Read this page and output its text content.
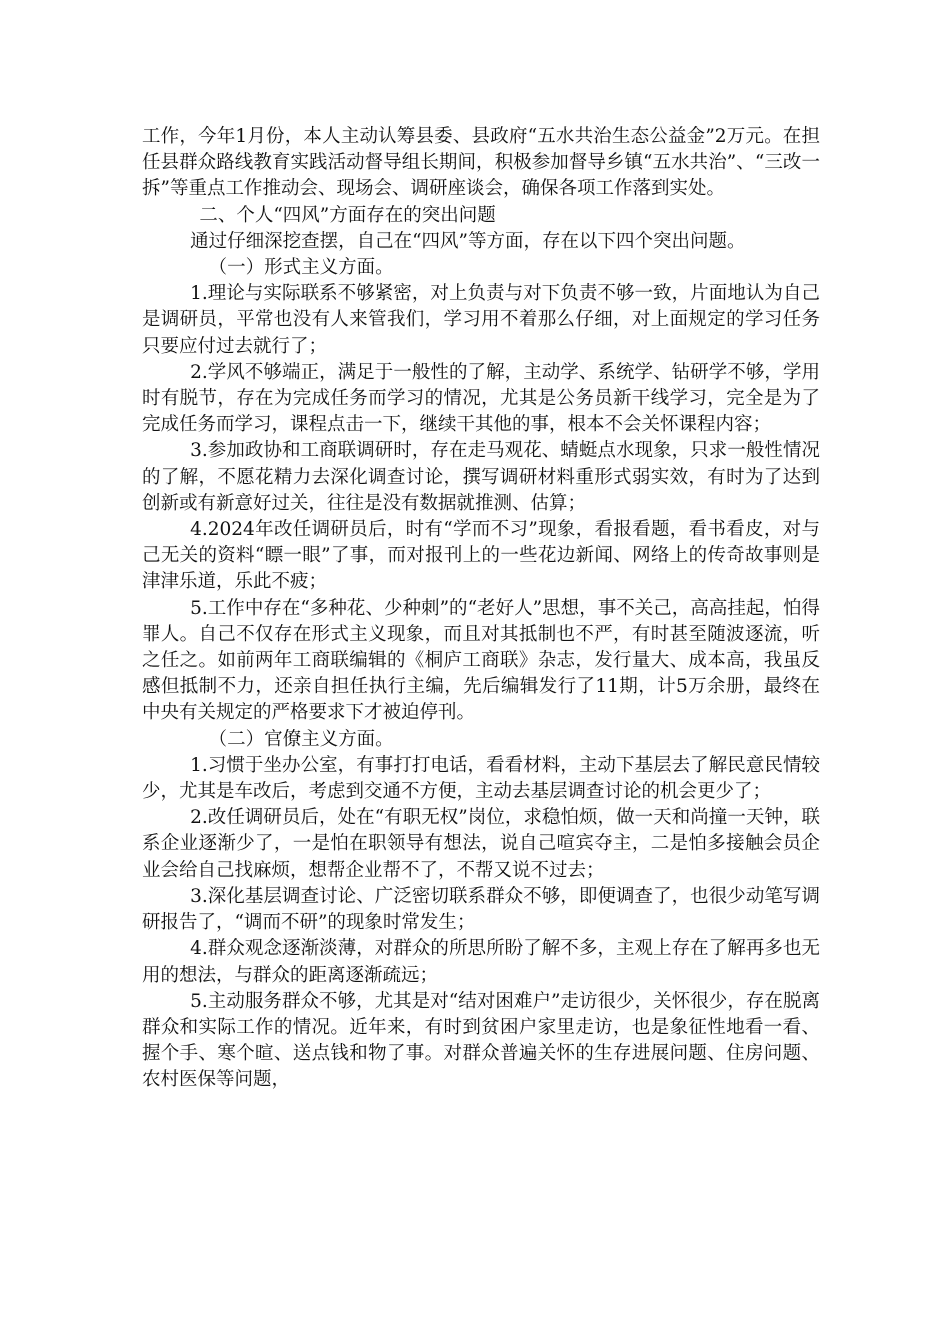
工作，今年1月份，本人主动认筹县委、县政府“五水共治生态公益金”2万元。在担任县群众路线教育实践活动督导组长期间，积极参加督导乡镇“五水共治”、“三改一拆”等重点工作推动会、现场会、调研座谈会，确保各项工作落到实处。

二、个人“四风”方面存在的突出问题

通过仔细深挖查摆，自己在“四风”等方面，存在以下四个突出问题。

（一）形式主义方面。

1.理论与实际联系不够紧密，对上负责与对下负责不够一致，片面地认为自己是调研员，平常也没有人来管我们，学习用不着那么仔细，对上面规定的学习任务只要应付过去就行了；

2.学风不够端正，满足于一般性的了解，主动学、系统学、钻研学不够，学用时有脱节，存在为完成任务而学习的情况，尤其是公务员新干线学习，完全是为了完成任务而学习，课程点击一下，继续干其他的事，根本不会关怀课程内容；

3.参加政协和工商联调研时，存在走马观花、蜻蜓点水现象，只求一般性情况的了解，不愿花精力去深化调查讨论，撰写调研材料重形式弱实效，有时为了达到创新或有新意好过关，往往是没有数据就推测、估算；

4.2024年改任调研员后，时有“学而不习”现象，看报看题，看书看皮，对与己无关的资料“瞟一眼”了事，而对报刊上的一些花边新闻、网络上的传奇故事则是津津乐道，乐此不疲；

5.工作中存在“多种花、少种刺”的“老好人”思想，事不关己，高高挂起，怕得罪人。自己不仅存在形式主义现象，而且对其抵制也不严，有时甚至随波逐流，听之任之。如前两年工商联编辑的《桐庐工商联》杂志，发行量大、成本高，我虽反感但抵制不力，还亲自担任执行主编，先后编辑发行了11期，计5万余册，最终在中央有关规定的严格要求下才被迫停刊。

（二）官僚主义方面。

1.习惯于坐办公室，有事打打电话，看看材料，主动下基层去了解民意民情较少，尤其是车改后，考虑到交通不方便，主动去基层调查讨论的机会更少了；

2.改任调研员后，处在“有职无权”岗位，求稳怕烦，做一天和尚撞一天钟，联系企业逐渐少了，一是怕在职领导有想法，说自己喧宾夺主，二是怕多接触会员企业会给自己找麻烦，想帮企业帮不了，不帮又说不过去；

3.深化基层调查讨论、广泛密切联系群众不够，即便调查了，也很少动笔写调研报告了，“调而不研”的现象时常发生；

4.群众观念逐渐淡薄，对群众的所思所盼了解不多，主观上存在了解再多也无用的想法，与群众的距离逐渐疏远；

5.主动服务群众不够，尤其是对“结对困难户”走访很少，关怀很少，存在脱离群众和实际工作的情况。近年来，有时到贫困户家里走访，也是象征性地看一看、握个手、寒个暄、送点钱和物了事。对群众普遍关怀的生存进展问题、住房问题、农村医保等问题，
